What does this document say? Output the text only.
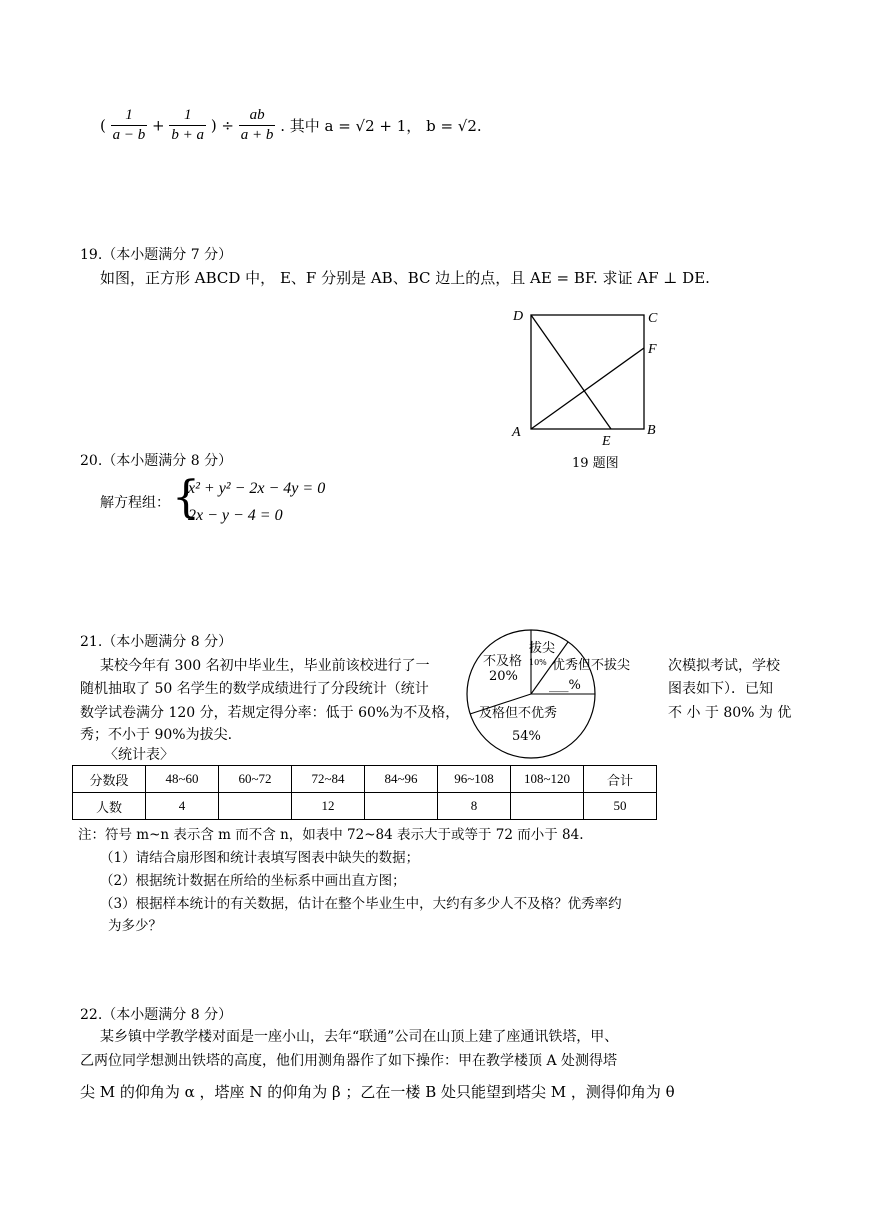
( $\frac{1}{a - b} + \frac{1}{b + a}$ ) ÷ $\frac{ab}{a + b}$ . 其中 a = √2 + 1， b = √2.
19.（本小题满分 7 分）
如图，正方形 ABCD 中， E、F 分别是 AB、BC 边上的点，且 AE = BF. 求证 AF ⊥ DE.
D	C
F
A	B
E
19 题图
20.（本小题满分 8 分）
解方程组： {
x² + y² − 2x − 4y = 0
2x − y − 4 = 0
21.（本小题满分 8 分）
某校今年有 300 名初中毕业生，毕业前该校进行了一	次模拟考试，学校
随机抽取了 50 名学生的数学成绩进行了分段统计（统计	图表如下）．已知
数学试卷满分 120 分，若规定得分率：低于 60%为不及格，	不 小 于 80% 为 优
秀；不小于 90%为拔尖.
不及格
20%
拔尖
10% 优秀但不拔尖
___%
及格但不优秀
54%
〈统计表〉
分数段	48~60	60~72	72~84	84~96	96~108	108~120	合计
人数	4		12		8		50
注：符号 m~n 表示含 m 而不含 n，如表中 72~84 表示大于或等于 72 而小于 84.
（1）请结合扇形图和统计表填写图表中缺失的数据；
（2）根据统计数据在所给的坐标系中画出直方图；
（3）根据样本统计的有关数据，估计在整个毕业生中，大约有多少人不及格？优秀率约
为多少？
22.（本小题满分 8 分）
某乡镇中学教学楼对面是一座小山，去年“联通”公司在山顶上建了座通讯铁塔，甲、
乙两位同学想测出铁塔的高度，他们用测角器作了如下操作：甲在教学楼顶 A 处测得塔
尖 M 的仰角为 α ，塔座 N 的仰角为 β ；乙在一楼 B 处只能望到塔尖 M ，测得仰角为 θ
